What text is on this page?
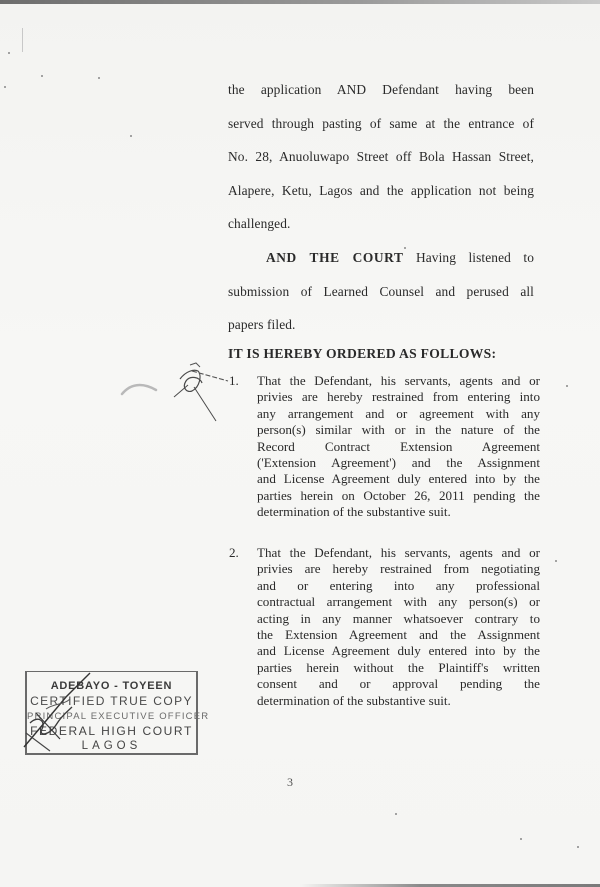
the application AND Defendant having been
served through pasting of same at the entrance of
No. 28, Anuoluwapo Street off Bola Hassan Street,
Alapere, Ketu, Lagos and the application not being
challenged.
AND THE COURT Having listened to
submission of Learned Counsel and perused all
papers filed.
IT IS HEREBY ORDERED AS FOLLOWS:
1.	That the Defendant, his servants, agents and or
privies are hereby restrained from entering into
any arrangement and or agreement with any
person(s) similar with or in the nature of the
Record Contract Extension Agreement
('Extension Agreement') and the Assignment
and License Agreement duly entered into by the
parties herein on October 26, 2011 pending the
determination of the substantive suit.
2.	That the Defendant, his servants, agents and or
privies are hereby restrained from negotiating
and or entering into any professional
contractual arrangement with any person(s) or
acting in any manner whatsoever contrary to
the Extension Agreement and the Assignment
and License Agreement duly entered into by the
parties herein without the Plaintiff's written
consent and or approval pending the
determination of the substantive suit.
ADEBAYO - TOYEEN
CERTIFIED TRUE COPY
PRINCIPAL EXECUTIVE OFFICER
FEDERAL HIGH COURT
LAGOS
3
